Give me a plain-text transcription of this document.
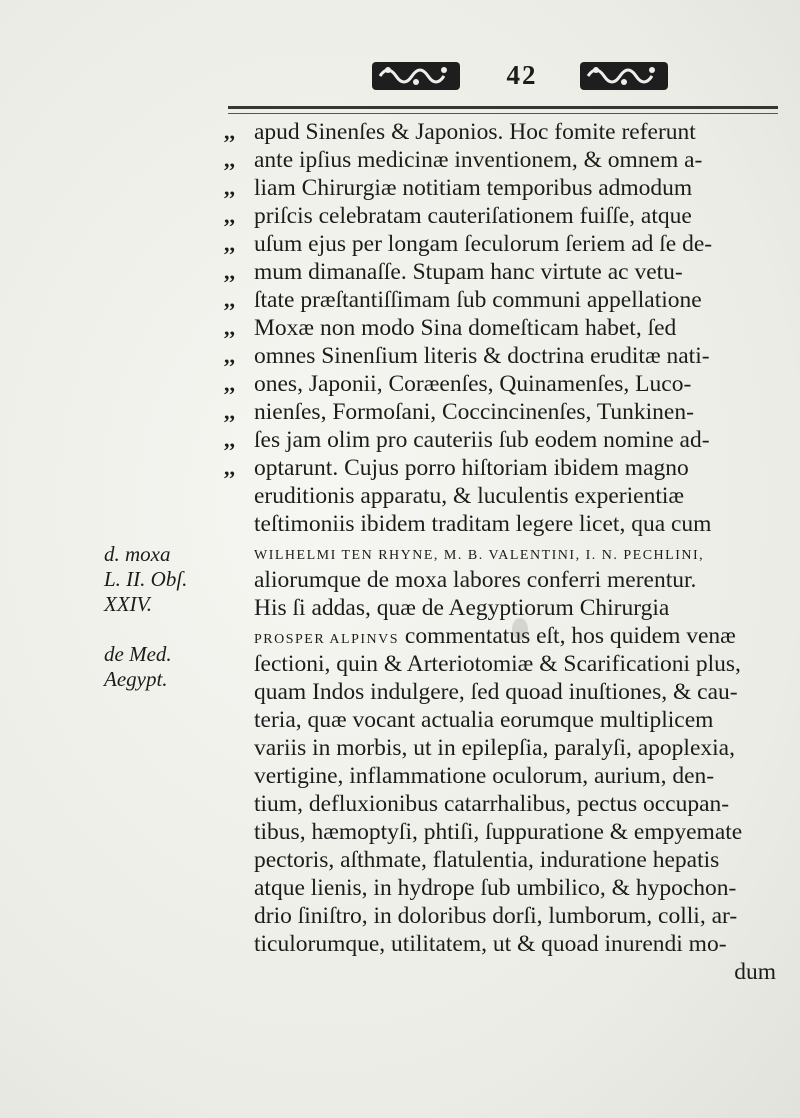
42
,, apud Sinenſes & Japonios. Hoc fomite referunt
,, ante ipſius medicinæ inventionem, & omnem a-
,, liam Chirurgiæ notitiam temporibus admodum
,, priſcis celebratam cauteriſationem fuiſſe, atque
,, uſum ejus per longam ſeculorum ſeriem ad ſe de-
,, mum dimanaſſe. Stupam hanc virtute ac vetu-
,, ſtate præſtantiſſimam ſub communi appellatione
,, Moxæ non modo Sina domeſticam habet, ſed
,, omnes Sinenſium literis & doctrina eruditæ nati-
,, ones, Japonii, Coræenſes, Quinamenſes, Luco-
,, nienſes, Formoſani, Coccincinenſes, Tunkinen-
,, ſes jam olim pro cauteriis ſub eodem nomine ad-
,, optarunt. Cujus porro hiſtoriam ibidem magno
eruditionis apparatu, & luculentis experientiæ
teſtimoniis ibidem traditam legere licet, qua cum
WILHELMI TEN RHYNE, M. B. VALENTINI, I. N. PECHLINI,
aliorumque de moxa labores conferri merentur.
His ſi addas, quæ de Aegyptiorum Chirurgia
PROSPER ALPINVS commentatus eſt, hos quidem venæ
ſectioni, quin & Arteriotomiæ & Scarificationi plus,
quam Indos indulgere, ſed quoad inuſtiones, & cau-
teria, quæ vocant actualia eorumque multiplicem
variis in morbis, ut in epilepſia, paralyſi, apoplexia,
vertigine, inflammatione oculorum, aurium, den-
tium, defluxionibus catarrhalibus, pectus occupan-
tibus, hæmoptyſi, phtiſi, ſuppuratione & empyemate
pectoris, aſthmate, flatulentia, induratione hepatis
atque lienis, in hydrope ſub umbilico, & hypochon-
drio ſiniſtro, in doloribus dorſi, lumborum, colli, ar-
ticulorumque, utilitatem, ut & quoad inurendi mo-
dum
d. moxa
L. II. Obſ.
XXIV.
de Med.
Aegypt.
